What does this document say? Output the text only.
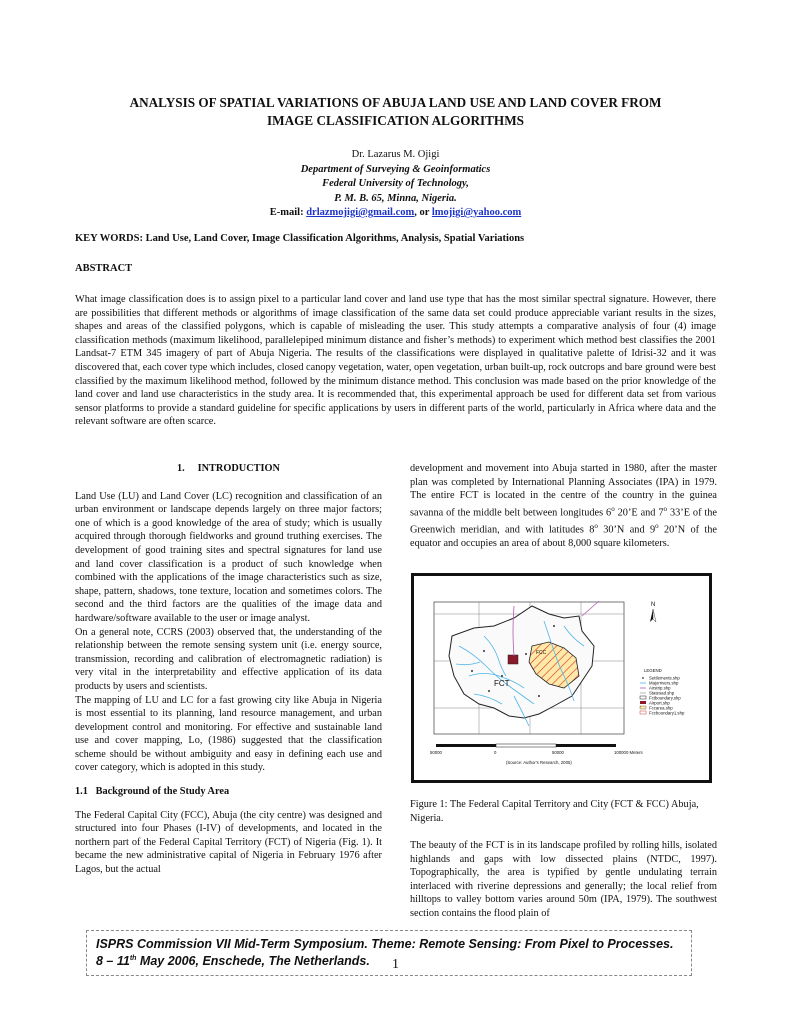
ANALYSIS OF SPATIAL VARIATIONS OF ABUJA LAND USE AND LAND COVER FROM
IMAGE CLASSIFICATION ALGORITHMS
Dr. Lazarus M. Ojigi
Department of Surveying & Geoinformatics
Federal University of Technology,
P. M. B. 65, Minna, Nigeria.
E-mail: drlazmojigi@gmail.com, or lmojigi@yahoo.com
KEY WORDS: Land Use, Land Cover, Image Classification Algorithms, Analysis, Spatial Variations
ABSTRACT
What image classification does is to assign pixel to a particular land cover and land use type that has the most similar spectral signature. However, there are possibilities that different methods or algorithms of image classification of the same data set could produce appreciable variant results in the sizes, shapes and areas of the classified polygons, which is capable of misleading the user. This study attempts a comparative analysis of four (4) image classification methods (maximum likelihood, parallelepiped minimum distance and fisher’s methods) to experiment which method best classifies the 2001 Landsat-7 ETM 345 imagery of part of Abuja Nigeria. The results of the classifications were displayed in qualitative palette of Idrisi-32 and it was discovered that, each cover type which includes, closed canopy vegetation, water, open vegetation, urban built-up, rock outcrops and bare ground were best classified by the maximum likelihood method, followed by the minimum distance method. This conclusion was made based on the prior knowledge of the land cover and land use characteristics in the study area. It is recommended that, this experimental approach be used for different data set from various sensor platforms to provide a standard guideline for specific applications by users in different parts of the world, particularly in Africa where data and the relevant software are often scarce.

1.     INTRODUCTION

Land Use (LU) and Land Cover (LC) recognition and classification of an urban environment or landscape depends largely on three major factors; one of which is a good knowledge of the area of study; which is usually acquired through thorough fieldworks and ground truthing exercises. The development of good training sites and spectral signatures for land use and land cover classification is a product of such knowledge when combined with the applications of the image characteristics such as size, shape, pattern, shadows, tone texture, location and sometimes colors. The second and the third factors are the qualities of the image data and hardware/software available to the user or image analyst.

On a general note, CCRS (2003) observed that, the understanding of the relationship between the remote sensing system unit (i.e. energy source, transmission, recording and calibration of electromagnetic radiation) is very vital in the interpretability and effective application of its data products by users and scientists.

The mapping of LU and LC for a fast growing city like Abuja in Nigeria is most essential to its planning, land resource management, and urban development control and monitoring. For effective and sustainable land use and cover mapping, Lo, (1986) suggested that the classification scheme should be without ambiguity and easy in defining each use and cover category, which is adopted in this study.

1.1   Background of the Study Area

The Federal Capital City (FCC), Abuja (the city centre) was designed and structured into four Phases (I-IV) of developments, and located in the northern part of the Federal Capital Territory (FCT) of Nigeria (Fig. 1). It became the new administrative capital of Nigeria in February 1976 after Lagos, but the actual

development and movement into Abuja started in 1980, after the master plan was completed by International Planning Associates (IPA) in 1979. The entire FCT is located in the centre of the country in the guinea savanna of the middle belt between longitudes 6$^o$ 20’E and 7$^o$ 33’E of the Greenwich meridian, and with latitudes 8$^o$ 30’N and 9$^o$ 20’N of the equator and occupies an area of about 8,000 square kilometers.

FCT
FCC
N
LEGEND
Settlements.shp
Majorrivers.shp
Airstrip.shp
Statesad.shp
Fctboundary.shp
Airport.shp
Fccarea.shp
Fccboundary1.shp
50000	0	50000	100000 Meters
(Source: Author's Research, 2005)
Figure 1: The Federal Capital Territory and City (FCT & FCC) Abuja, Nigeria.
The beauty of the FCT is in its landscape profiled by rolling hills, isolated highlands and gaps with low dissected plains (NTDC, 1997). Topographically, the area is typified by gentle undulating terrain interlaced with riverine depressions and generally; the local relief from hilltops to valley bottom varies around 50m (IPA, 1979). The southwest section contains the flood plain of
ISPRS Commission VII Mid-Term Symposium. Theme: Remote Sensing: From Pixel to Processes.
8 – 11th May 2006, Enschede, The Netherlands. 1
